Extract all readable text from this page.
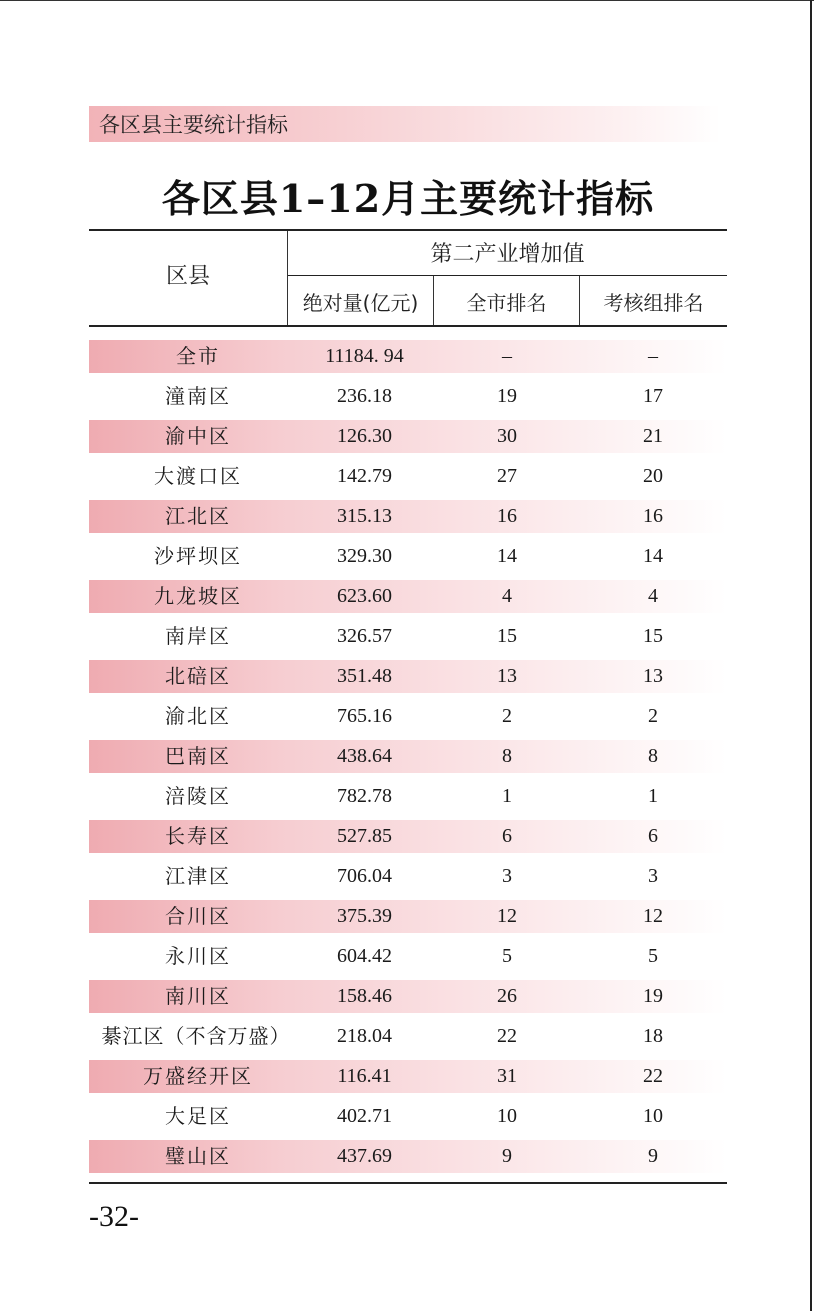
各区县主要统计指标
各区县1–12月主要统计指标
区县
第二产业增加值
绝对量(亿元)	全市排名	考核组排名
全市	11184. 94	–	–
潼南区	236.18	19	17
渝中区	126.30	30	21
大渡口区	142.79	27	20
江北区	315.13	16	16
沙坪坝区	329.30	14	14
九龙坡区	623.60	4	4
南岸区	326.57	15	15
北碚区	351.48	13	13
渝北区	765.16	2	2
巴南区	438.64	8	8
涪陵区	782.78	1	1
长寿区	527.85	6	6
江津区	706.04	3	3
合川区	375.39	12	12
永川区	604.42	5	5
南川区	158.46	26	19
綦江区（不含万盛）	218.04	22	18
万盛经开区	116.41	31	22
大足区	402.71	10	10
璧山区	437.69	9	9
-32-
